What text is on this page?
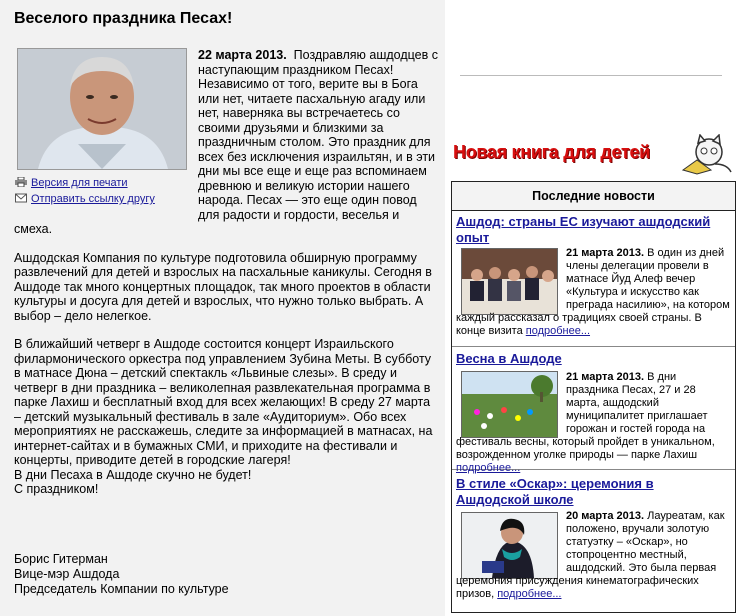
Веселого праздника Песах!
Версия для печати
Отправить ссылку другу

22 марта 2013. Поздравляю ашдодцев с наступающим праздником Песах! Независимо от того, верите вы в Бога или нет, читаете пасхальную агаду или нет, наверняка вы встречаетесь со своими друзьями и близкими за праздничным столом. Это праздник для всех без исключения израильтян, и в эти дни мы все еще и еще раз вспоминаем древнюю и великую истории нашего народа. Песах — это еще один повод для радости и гордости, веселья и смеха.

Ашдодская Компания по культуре подготовила обширную программу развлечений для детей и взрослых на пасхальные каникулы. Сегодня в Ашдоде так много концертных площадок, так много проектов в области культуры и досуга для детей и взрослых, что нужно только выбрать. А выбор – дело нелегкое.

В ближайший четверг в Ашдоде состоится концерт Израильского филармонического оркестра под управлением Зубина Меты. В субботу в матнасе Дюна – детский спектакль «Львиные слезы». В среду и четверг в дни праздника – великолепная развлекательная программа в парке Лахиш и бесплатный вход для всех желающих! В среду 27 марта – детский музыкальный фестиваль в зале «Аудиториум». Обо всех мероприятиях не расскажешь, следите за информацией в матнасах, на интернет-сайтах и в бумажных СМИ, и приходите на фестивали и концерты, приводите детей в городские лагеря!

В дни Песаха в Ашдоде скучно не будет!
С праздником!
Борис Гитерман
Вице-мэр Ашдода
Председатель Компании по культуре
Новая книга для детей
Последние новости
Ашдод: страны ЕС изучают ашдодский опыт
21 марта 2013. В один из дней члены делегации провели в матнасе Йуд Алеф вечер «Культура и искусство как преграда насилию», на котором каждый рассказал о традициях своей страны. В конце визита подробнее...
Весна в Ашдоде
21 марта 2013. В дни праздника Песах, 27 и 28 марта, ашдодский муниципалитет приглашает горожан и гостей города на фестиваль весны, который пройдет в уникальном, возрожденном уголке природы — парке Лахиш подробнее...
В стиле «Оскар»: церемония в Ашдодской школе
20 марта 2013. Лауреатам, как положено, вручали золотую статуэтку – «Оскар», но стопроцентно местный, ашдодский. Это была первая церемония присуждения кинематографических призов, подробнее...
